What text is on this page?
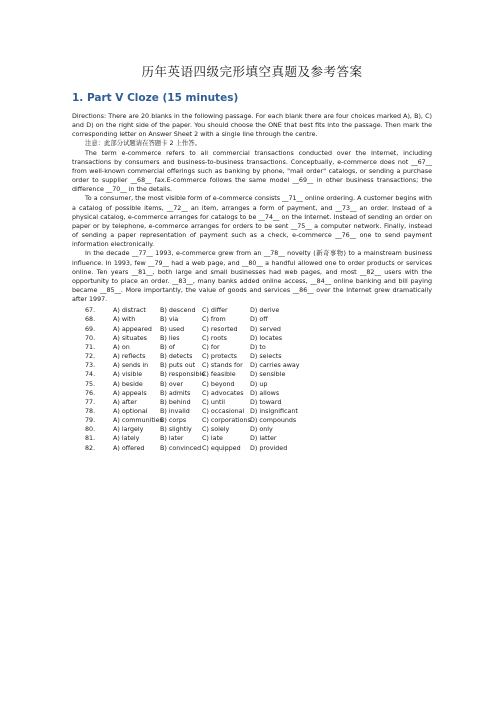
历年英语四级完形填空真题及参考答案
1. Part V Cloze (15 minutes)

Directions: There are 20 blanks in the following passage. For each blank there are four choices marked A), B), C) and D) on the right side of the paper. You should choose the ONE that best fits into the passage. Then mark the corresponding letter on Answer Sheet 2 with a single line through the centre.

注意：此部分试题请在答题卡 2 上作答。

The term e-commerce refers to all commercial transactions conducted over the Internet, including transactions by consumers and business-to-business transactions. Conceptually, e-commerce does not __67__ from well-known commercial offerings such as banking by phone, "mail order" catalogs, or sending a purchase order to supplier __68__ fax.E-commerce follows the same model __69__ in other business transactions; the difference __70__ in the details.

To a consumer, the most visible form of e-commerce consists __71__ online ordering. A customer begins with a catalog of possible items, __72__ an item, arranges a form of payment, and __73__ an order. Instead of a physical catalog, e-commerce arranges for catalogs to be __74__ on the Internet. Instead of sending an order on paper or by telephone, e-commerce arranges for orders to be sent __75__ a computer network. Finally, instead of sending a paper representation of payment such as a check, e-commerce __76__ one to send payment information electronically.

In the decade __77__ 1993, e-commerce grew from an __78__ novelty (新奇事物) to a mainstream business influence. In 1993, few __79__ had a web page, and __80__ a handful allowed one to order products or services online. Ten years __81__, both large and small businesses had web pages, and most __82__ users with the opportunity to place an order. __83__, many banks added online access, __84__ online banking and bill paying became __85__. More importantly, the value of goods and services __86__ over the Internet grew dramatically after 1997.

67.	A) distract B) descend C) differ	D) derive
68.	A) with	B) via	C) from	D) off
69.	A) appeared B) used	C) resorted D) served
70.	A) situates B) lies	C) roots	D) locates
71.	A) on	B) of	C) for	D) to
72.	A) reflects B) detects C) protects D) selects
73.	A) sends in B) puts out C) stands for D) carries away
74.	A) visible	B) responsibleC) feasible D) sensible
75.	A) beside	B) over	C) beyond D) up
76.	A) appeals B) admits C) advocates D) allows
77.	A) after	B) behind C) until	D) toward
78.	A) optional B) invalid C) occasional D) insignificant
79.	A) communitiesB) corps C) corporationsD) compounds
80.	A) largely	B) slightly C) solely	D) only
81.	A) lately	B) later	C) late	D) latter
82.	A) offered B) convincedC) equipped D) provided
